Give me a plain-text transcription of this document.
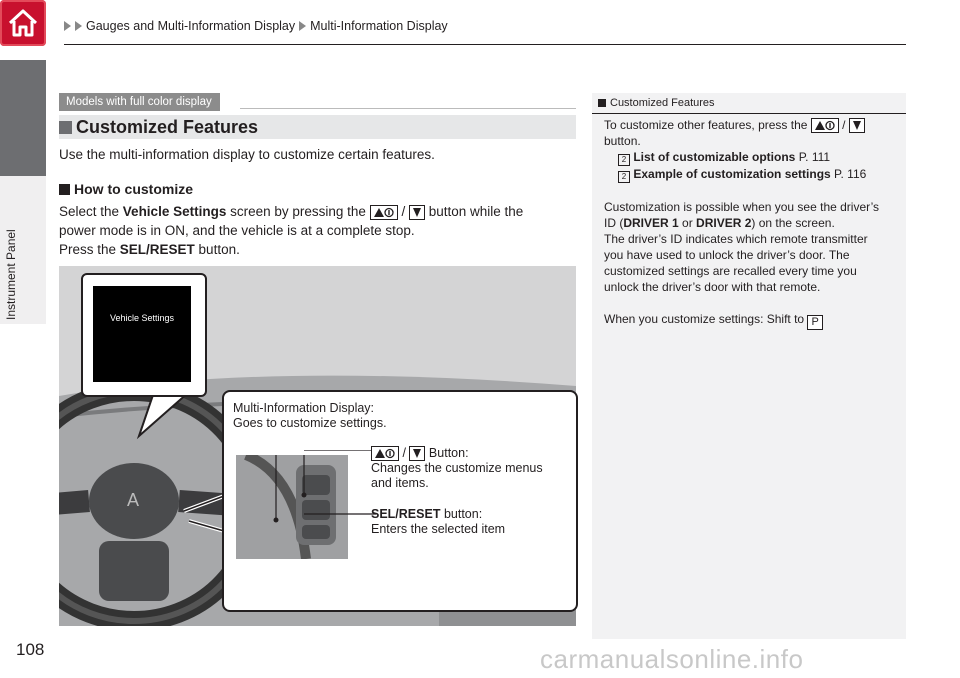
Gauges and Multi-Information Display Multi-Information Display
Instrument Panel
108
Models with full color display
Customized Features
Use the multi-information display to customize certain features.
How to customize
Select the Vehicle Settings screen by pressing the
/
button while the
power mode is in ON, and the vehicle is at a complete stop.
Press the SEL/RESET button.
A
Vehicle Settings
Multi-Information Display:
Goes to customize settings.
/
Button:
Changes the customize menus
and items.
SEL/RESET button:
Enters the selected item
Customized Features
To customize other features, press the	/
button.
2 List of customizable options P. 111
2 Example of customization settings P. 116
Customization is possible when you see the driver’s
ID (DRIVER 1 or DRIVER 2) on the screen.
The driver’s ID indicates which remote transmitter
you have used to unlock the driver’s door. The
customized settings are recalled every time you
unlock the driver’s door with that remote.
When you customize settings: Shift to P
carmanualsonline.info
